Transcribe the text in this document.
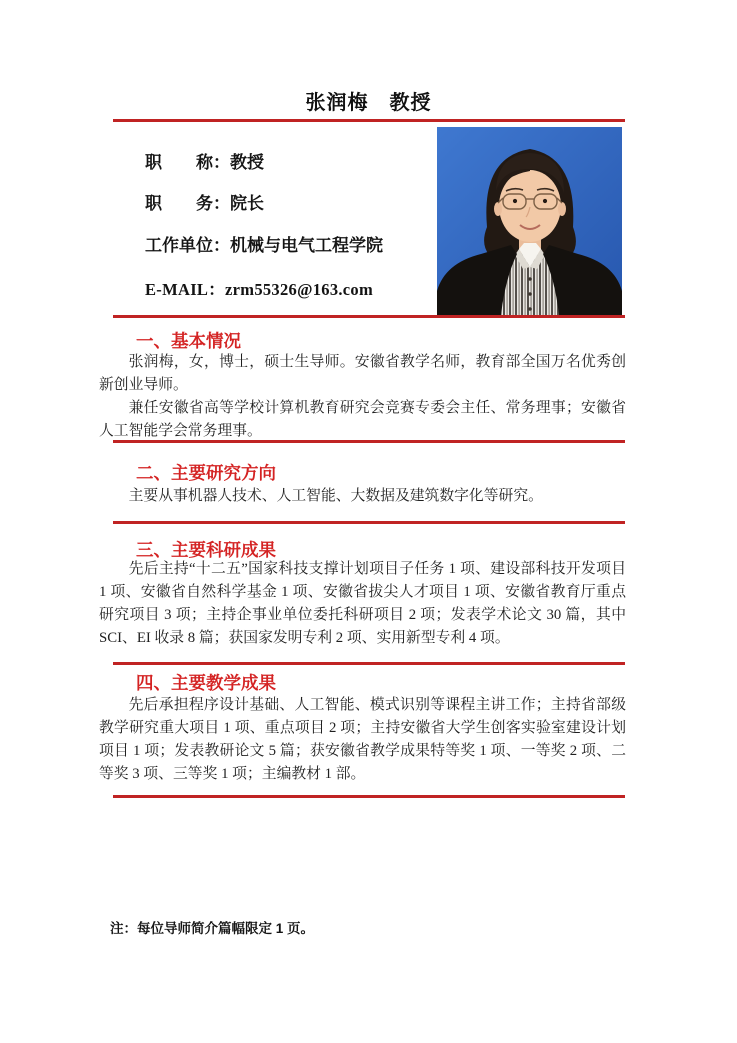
张润梅　教授
职　　称：教授
职　　务：院长
工作单位：机械与电气工程学院
E-MAIL：zrm55326@163.com
一、基本情况

张润梅，女，博士，硕士生导师。安徽省教学名师，教育部全国万名优秀创新创业导师。

兼任安徽省高等学校计算机教育研究会竞赛专委会主任、常务理事；安徽省人工智能学会常务理事。

二、主要研究方向

主要从事机器人技术、人工智能、大数据及建筑数字化等研究。

三、主要科研成果

先后主持“十二五”国家科技支撑计划项目子任务 1 项、建设部科技开发项目 1 项、安徽省自然科学基金 1 项、安徽省拔尖人才项目 1 项、安徽省教育厅重点研究项目 3 项；主持企事业单位委托科研项目 2 项；发表学术论文 30 篇，其中 SCI、EI 收录 8 篇；获国家发明专利 2 项、实用新型专利 4 项。

四、主要教学成果

先后承担程序设计基础、人工智能、模式识别等课程主讲工作；主持省部级教学研究重大项目 1 项、重点项目 2 项；主持安徽省大学生创客实验室建设计划项目 1 项；发表教研论文 5 篇；获安徽省教学成果特等奖 1 项、一等奖 2 项、二等奖 3 项、三等奖 1 项；主编教材 1 部。

注：每位导师简介篇幅限定 1 页。
